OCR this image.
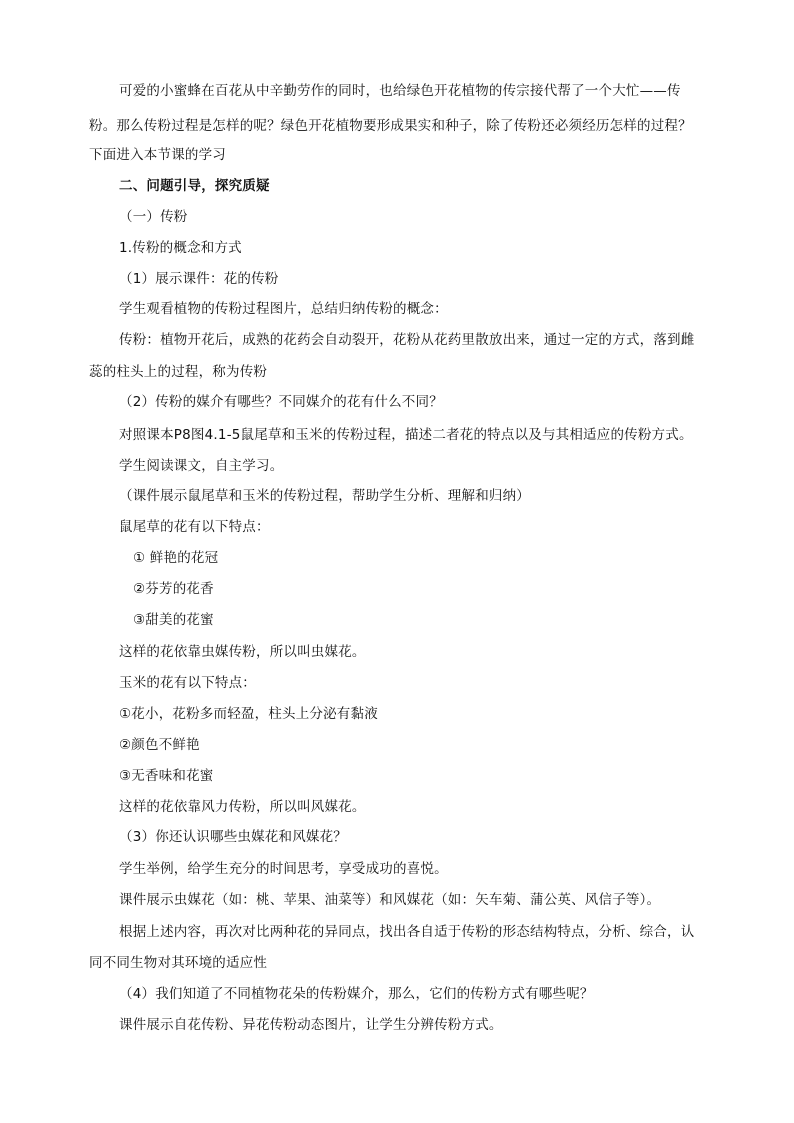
可爱的小蜜蜂在百花从中辛勤劳作的同时，也给绿色开花植物的传宗接代帮了一个大忙——传
粉。那么传粉过程是怎样的呢？绿色开花植物要形成果实和种子，除了传粉还必须经历怎样的过程？
下面进入本节课的学习
二、问题引导，探究质疑
（一）传粉
1.传粉的概念和方式
（1）展示课件：花的传粉
学生观看植物的传粉过程图片，总结归纳传粉的概念：
传粉：植物开花后，成熟的花药会自动裂开，花粉从花药里散放出来，通过一定的方式，落到雌
蕊的柱头上的过程，称为传粉
（2）传粉的媒介有哪些？不同媒介的花有什么不同？
对照课本P8图4.1-5鼠尾草和玉米的传粉过程，描述二者花的特点以及与其相适应的传粉方式。
学生阅读课文，自主学习。
（课件展示鼠尾草和玉米的传粉过程，帮助学生分析、理解和归纳）
鼠尾草的花有以下特点：
① 鲜艳的花冠
②芬芳的花香
③甜美的花蜜
这样的花依靠虫媒传粉，所以叫虫媒花。
玉米的花有以下特点：
①花小，花粉多而轻盈，柱头上分泌有黏液
②颜色不鲜艳
③无香味和花蜜
这样的花依靠风力传粉，所以叫风媒花。
（3）你还认识哪些虫媒花和风媒花？
学生举例，给学生充分的时间思考，享受成功的喜悦。
课件展示虫媒花（如：桃、苹果、油菜等）和风媒花（如：矢车菊、蒲公英、风信子等）。
根据上述内容，再次对比两种花的异同点，找出各自适于传粉的形态结构特点，分析、综合，认
同不同生物对其环境的适应性
（4）我们知道了不同植物花朵的传粉媒介，那么，它们的传粉方式有哪些呢？
课件展示自花传粉、异花传粉动态图片，让学生分辨传粉方式。
